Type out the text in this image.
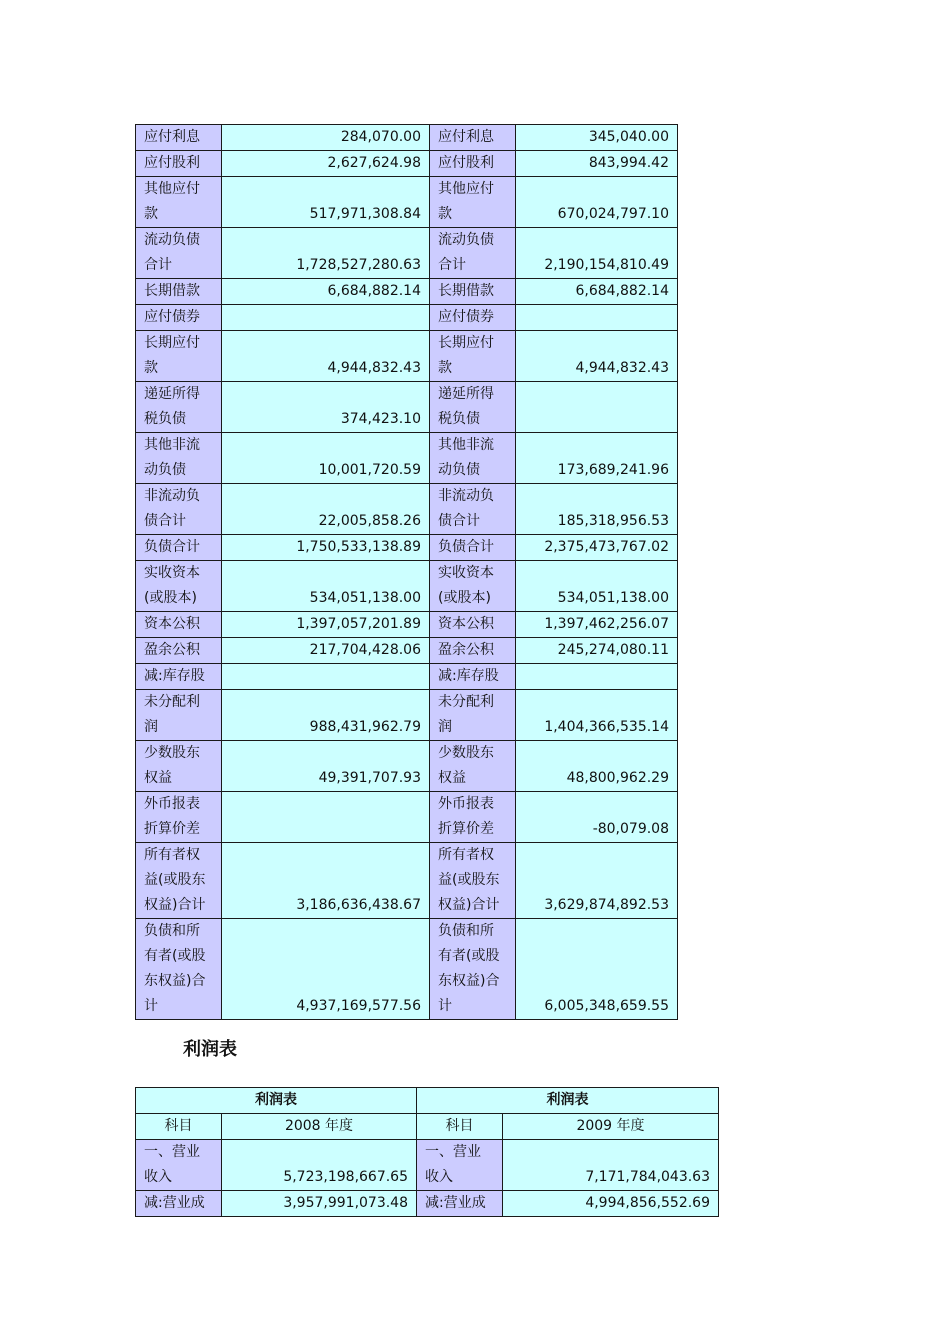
应付利息	284,070.00	应付利息	345,040.00
应付股利	2,627,624.98	应付股利	843,994.42
其他应付款	517,971,308.84	其他应付款	670,024,797.10
流动负债合计	1,728,527,280.63	流动负债合计	2,190,154,810.49
长期借款	6,684,882.14	长期借款	6,684,882.14
应付债券		应付债券	
长期应付款	4,944,832.43	长期应付款	4,944,832.43
递延所得税负债	374,423.10	递延所得税负债	
其他非流动负债	10,001,720.59	其他非流动负债	173,689,241.96
非流动负债合计	22,005,858.26	非流动负债合计	185,318,956.53
负债合计	1,750,533,138.89	负债合计	2,375,473,767.02
实收资本(或股本)	534,051,138.00	实收资本(或股本)	534,051,138.00
资本公积	1,397,057,201.89	资本公积	1,397,462,256.07
盈余公积	217,704,428.06	盈余公积	245,274,080.11
减:库存股		减:库存股	
未分配利润	988,431,962.79	未分配利润	1,404,366,535.14
少数股东权益	49,391,707.93	少数股东权益	48,800,962.29
外币报表折算价差		外币报表折算价差	-80,079.08
所有者权益(或股东权益)合计	3,186,636,438.67	所有者权益(或股东权益)合计	3,629,874,892.53
负债和所有者(或股东权益)合计	4,937,169,577.56	负债和所有者(或股东权益)合计	6,005,348,659.55
利润表
利润表		利润表	
科目	2008 年度	科目	2009 年度
一、营业收入	5,723,198,667.65	一、营业收入	7,171,784,043.63
减:营业成	3,957,991,073.48	减:营业成	4,994,856,552.69
